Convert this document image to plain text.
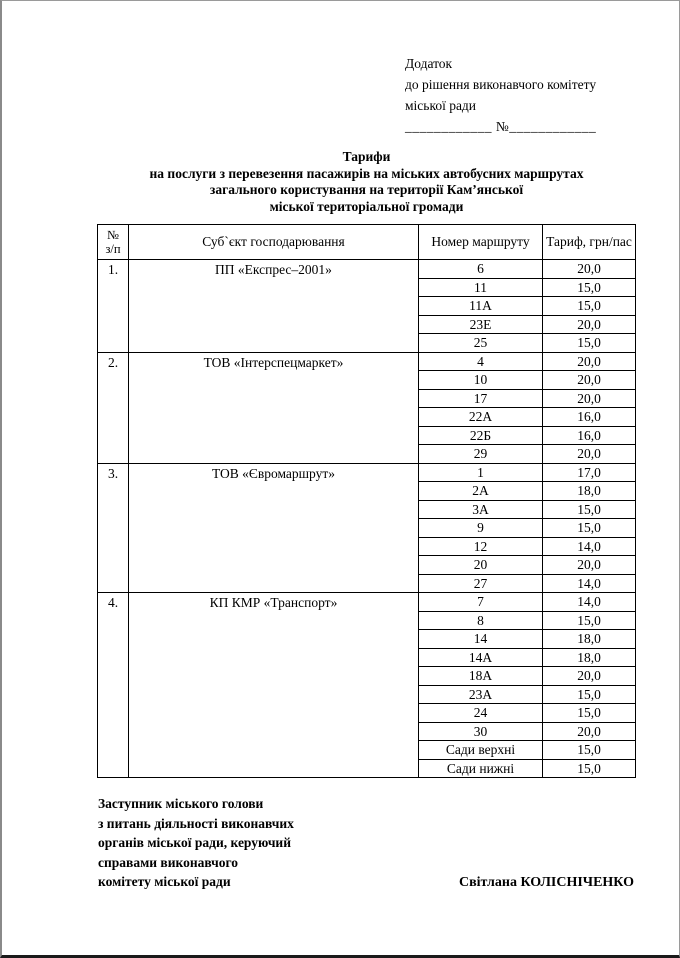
Додаток
до рішення виконавчого комітету
міської ради
____________ №____________
Тарифи
на послуги з перевезення пасажирів на міських автобусних маршрутах
загального користування на території Кам’янської
міської територіальної громади
№
з/п	Суб`єкт господарювання	Номер маршруту	Тариф, грн/пас
1.	ПП «Експрес–2001»	6	20,0
		11	15,0
		11А	15,0
		23Е	20,0
		25	15,0
2.	ТОВ «Інтерспецмаркет»	4	20,0
		10	20,0
		17	20,0
		22А	16,0
		22Б	16,0
		29	20,0
3.	ТОВ «Євромаршрут»	1	17,0
		2А	18,0
		3А	15,0
		9	15,0
		12	14,0
		20	20,0
		27	14,0
4.	КП КМР «Транспорт»	7	14,0
		8	15,0
		14	18,0
		14А	18,0
		18А	20,0
		23А	15,0
		24	15,0
		30	20,0
		Сади верхні	15,0
		Сади нижні	15,0
Заступник міського голови
з питань діяльності виконавчих
органів міської ради, керуючий
справами виконавчого
комітету міської ради	Світлана КОЛІСНІЧЕНКО
